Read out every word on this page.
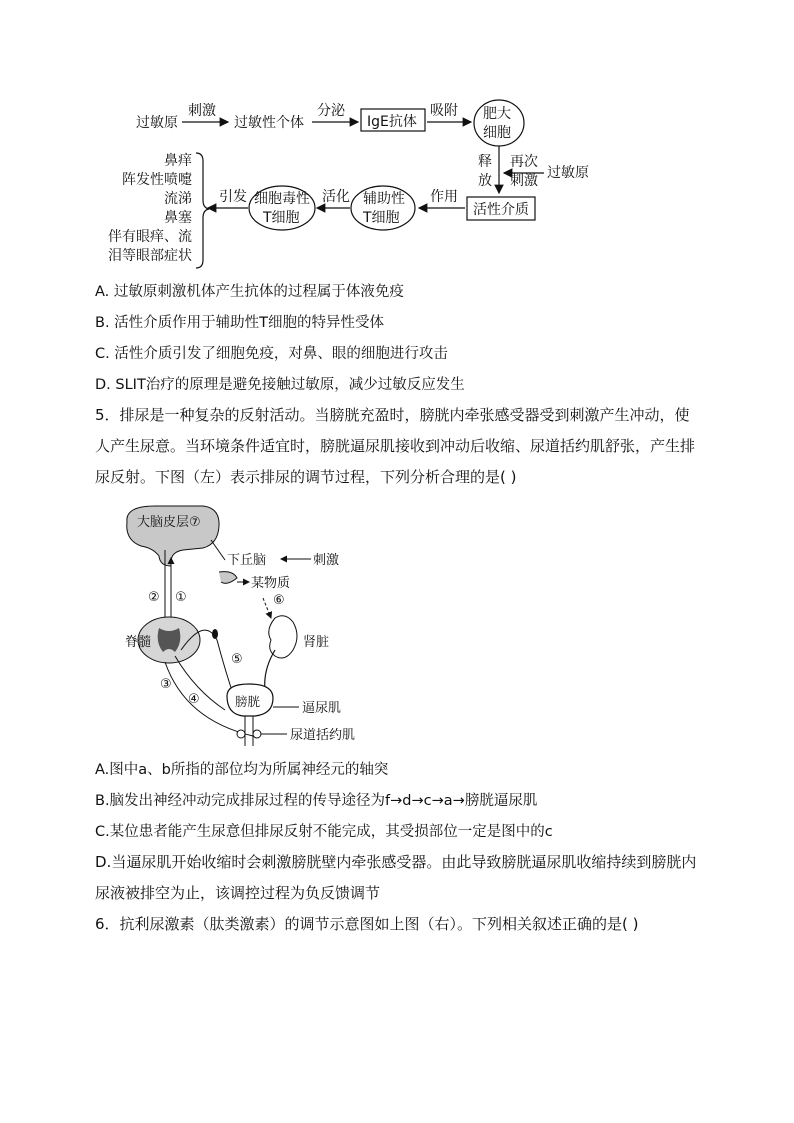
过敏原
刺激
过敏性个体
分泌
IgE抗体
吸附 肥大
细胞
释
放
再次
刺激 过敏原
活性介质
作用
辅助性
T细胞
活化
细胞毒性
T细胞
引发
鼻痒
阵发性喷嚏
流涕
鼻塞
伴有眼痒、流
泪等眼部症状
A. 过敏原刺激机体产生抗体的过程属于体液免疫
B. 活性介质作用于辅助性T细胞的特异性受体
C. 活性介质引发了细胞免疫，对鼻、眼的细胞进行攻击
D. SLIT治疗的原理是避免接触过敏原，减少过敏反应发生
5．排尿是一种复杂的反射活动。当膀胱充盈时，膀胱内牵张感受器受到刺激产生冲动，使人产生尿意。当环境条件适宜时，膀胱逼尿肌接收到冲动后收缩、尿道括约肌舒张，产生排尿反射。下图（左）表示排尿的调节过程，下列分析合理的是( )
大脑皮层⑦
② ①
下丘脑	刺激
某物质
⑥
肾脏
脊髓
③
④
⑤
膀胱	逼尿肌
尿道括约肌
A.图中a、b所指的部位均为所属神经元的轴突
B.脑发出神经冲动完成排尿过程的传导途径为f→d→c→a→膀胱逼尿肌
C.某位患者能产生尿意但排尿反射不能完成，其受损部位一定是图中的c
D.当逼尿肌开始收缩时会刺激膀胱壁内牵张感受器。由此导致膀胱逼尿肌收缩持续到膀胱内尿液被排空为止，该调控过程为负反馈调节
6．抗利尿激素（肽类激素）的调节示意图如上图（右）。下列相关叙述正确的是( )
